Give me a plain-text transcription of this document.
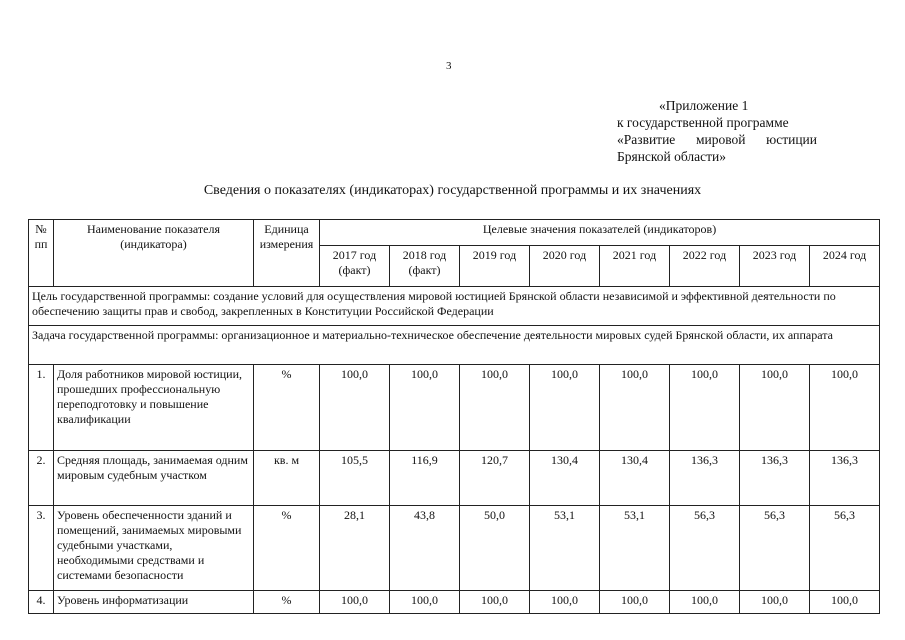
3
«Приложение 1
к государственной программе
«Развитие мировой юстиции
Брянской области»
Сведения о показателях (индикаторах) государственной программы и их значениях
№ пп	Наименование показателя (индикатора)	Единица измерения	Целевые значения показателей (индикаторов)							
			2017 год (факт)	2018 год (факт)	2019 год	2020 год	2021 год	2022 год	2023 год	2024 год
Цель государственной программы: создание условий для осуществления мировой юстицией Брянской области независимой и эффективной деятельности по обеспечению защиты прав и свобод, закрепленных в Конституции Российской Федерации										
Задача государственной программы: организационное и материально-техническое обеспечение деятельности мировых судей Брянской области, их аппарата										
1.	Доля работников мировой юстиции, прошедших профессиональную переподготовку и повышение квалификации	%	100,0	100,0	100,0	100,0	100,0	100,0	100,0	100,0
2.	Средняя площадь, занимаемая одним мировым судебным участком	кв. м	105,5	116,9	120,7	130,4	130,4	136,3	136,3	136,3
3.	Уровень обеспеченности зданий и помещений, занимаемых мировыми судебными участками, необходимыми средствами и системами безопасности	%	28,1	43,8	50,0	53,1	53,1	56,3	56,3	56,3
4.	Уровень информатизации	%	100,0	100,0	100,0	100,0	100,0	100,0	100,0	100,0
